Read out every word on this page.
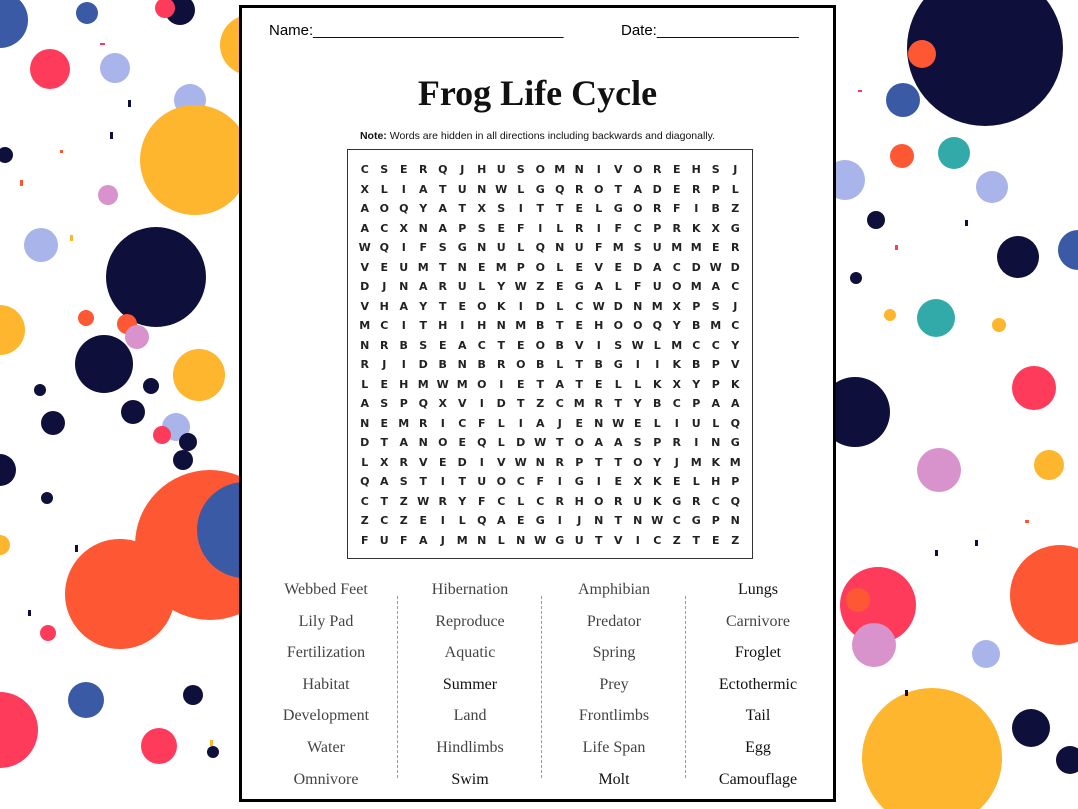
Name:______________________________	Date:_________________
Frog Life Cycle
Note: Words are hidden in all directions including backwards and diagonally.
C	S	E	R Q	J	H U	S O M N	I	V O R	E	H S	J
X	L	I	A	T	U N W L	G Q R O	T	A D	E	R	P	L
A O Q Y	A	T	X	S	I	T	T	E	L	G O R	F	I	B	Z
A	C	X N A	P	S	E	F	I	L	R	I	F	C	P	R	K X G
W Q	I	F	S	G N U	L	Q N U	F M S	U M M E	R
V	E	U M T	N	E M P O	L	E	V	E	D A	C D W D
D	J	N A	R U	L	Y W Z	E	G A	L	F	U O M A	C
V H A	Y	T	E	O K	I	D	L	C W D N M X	P	S	J
M C	I	T	H	I	H N M B	T	E	H O O Q Y	B M C
N R	B	S	E	A	C	T	E	O B	V	I	S W L M C	C	Y
R	J	I	D B N B	R O B	L	T	B G	I	I	K	B	P	V
L	E	H M W M O	I	E	T	A	T	E	L	L	K X	Y	P	K
A	S	P Q X	V	I	D	T	Z	C M R	T	Y	B	C	P	A A
N	E M R	I	C	F	L	I	A	J	E	N W E	L	I	U	L	Q
D	T	A N O	E	Q	L	D W T	O A A	S	P	R	I	N G
L	X	R	V	E	D	I	V W N R	P	T	T	O Y	J	M K M
Q A	S	T	I	T	U O C	F	I	G	I	E	X	K	E	L	H P
C	T	Z W R	Y	F	C	L	C	R H O R U K G R	C Q
Z	C	Z	E	I	L	Q A	E	G	I	J	N	T	N W C G P N
F	U	F	A	J	M N	L	N W G U	T	V	I	C	Z	T	E	Z
Webbed Feet
Lily Pad
Fertilization
Habitat
Development
Water
Omnivore
Hibernation
Reproduce
Aquatic
Summer
Land
Hindlimbs
Swim
Amphibian
Predator
Spring
Prey
Frontlimbs
Life Span
Molt
Lungs
Carnivore
Froglet
Ectothermic
Tail
Egg
Camouflage
